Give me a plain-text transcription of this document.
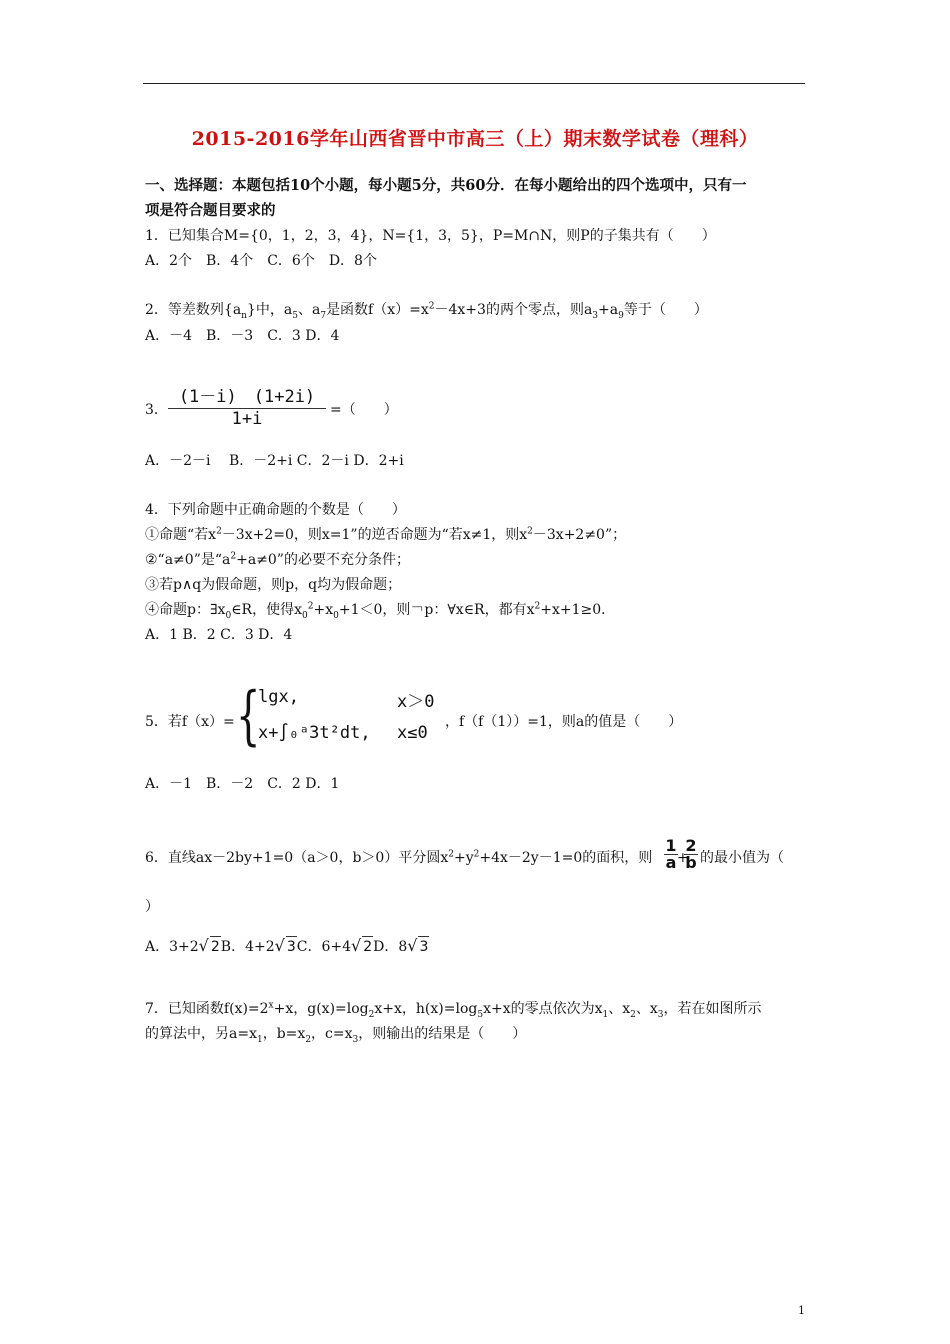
2015-2016学年山西省晋中市高三（上）期末数学试卷（理科）
一、选择题：本题包括10个小题，每小题5分，共60分．在每小题给出的四个选项中，只有一
项是符合题目要求的
1．已知集合M={0，1，2，3，4}，N={1，3，5}，P=M∩N，则P的子集共有（　　）
A．2个　B．4个　C．6个　D．8个
2．等差数列$\{a_n\}$中，$a_5$、$a_7$是函数$f(x)=x^2-4x+3$的两个零点，则$a_3+a_9$等于（　　）
A．－4　B．－3　C．3 D．4
3．
(1－i)　(1+2i)
1+i	=（　　）
A．－2－i　 B．－2+i C．2－i D．2+i
4．下列命题中正确命题的个数是（　　）
①命题“若$x^2-3x+2=0$，则x=1”的逆否命题为“若x≠1，则$x^2-3x+2\ne 0$”；
②“a≠0”是“$a^2+a\ne 0$”的必要不充分条件；
③若p∧q为假命题，则p，q均为假命题；
④命题p：$\exists x_0\in R$，使得$x_0^2+x_0+1<0$，则￢p：∀x∈R，都有$x^2+x+1\ge 0$．
A．1 B．2 C．3 D．4
5．若f（x）= {
lgx,	x＞0
x+∫₀ᵃ3t²dt, x≤0
，f（f（1））=1，则a的值是（　　）
A．－1　B．－2　C．2 D．1
6．直线ax－2by+1=0（a＞0，b＞0）平分圆$x^2+y^2+4x-2y-1=0$的面积，则
1
a +
2
b 的最小值为（
）
A．3+2√ 2B．4+2√ 3C．6+4√ 2D．8√ 3
7．已知函数$f(x)=2^x+x$，$g(x)=\log_2x+x$，$h(x)=\log_5x+x$的零点依次为$x_1$、$x_2$、$x_3$，若在如图所示
的算法中，另$a=x_1$，$b=x_2$，$c=x_3$，则输出的结果是（　　）
1
